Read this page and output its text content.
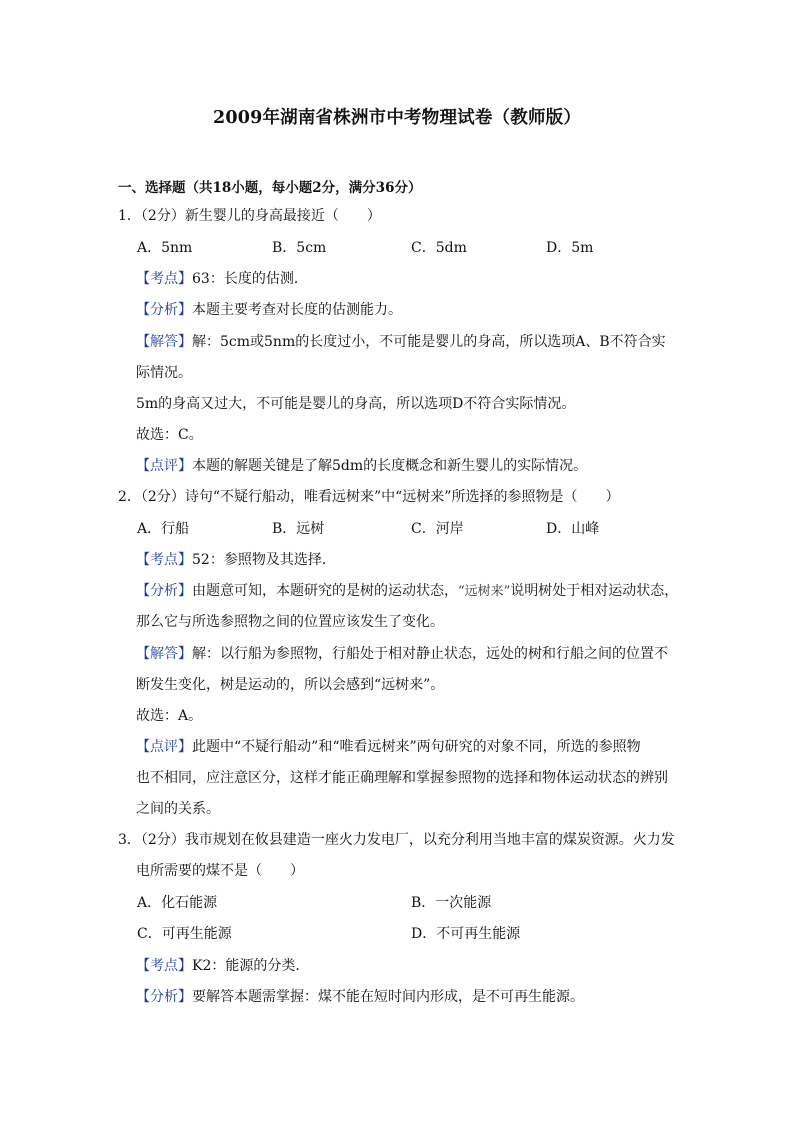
2009年湖南省株洲市中考物理试卷（教师版）
一、选择题（共18小题，每小题2分，满分36分）
1．（2分）新生婴儿的身高最接近（　　）
A．5nm	B．5cm	C．5dm	D．5m
【考点】63：长度的估测．
【分析】本题主要考查对长度的估测能力。
【解答】解：5cm或5nm的长度过小，不可能是婴儿的身高，所以选项A、B不符合实
际情况。
5m的身高又过大，不可能是婴儿的身高，所以选项D不符合实际情况。
故选：C。
【点评】本题的解题关键是了解5dm的长度概念和新生婴儿的实际情况。
2．（2分）诗句“不疑行船动，唯看远树来”中“远树来”所选择的参照物是（　　）
A．行船	B．远树	C．河岸	D．山峰
【考点】52：参照物及其选择．
【分析】由题意可知，本题研究的是树的运动状态，“远树来”说明树处于相对运动状态，
那么它与所选参照物之间的位置应该发生了变化。
【解答】解：以行船为参照物，行船处于相对静止状态，远处的树和行船之间的位置不
断发生变化，树是运动的，所以会感到“远树来”。
故选：A。
【点评】此题中“不疑行船动”和“唯看远树来”两句研究的对象不同，所选的参照物
也不相同，应注意区分，这样才能正确理解和掌握参照物的选择和物体运动状态的辨别
之间的关系。
3．（2分）我市规划在攸县建造一座火力发电厂，以充分利用当地丰富的煤炭资源。火力发
电所需要的煤不是（　　）
A．化石能源	B．一次能源
C．可再生能源	D．不可再生能源
【考点】K2：能源的分类．
【分析】要解答本题需掌握：煤不能在短时间内形成，是不可再生能源。
